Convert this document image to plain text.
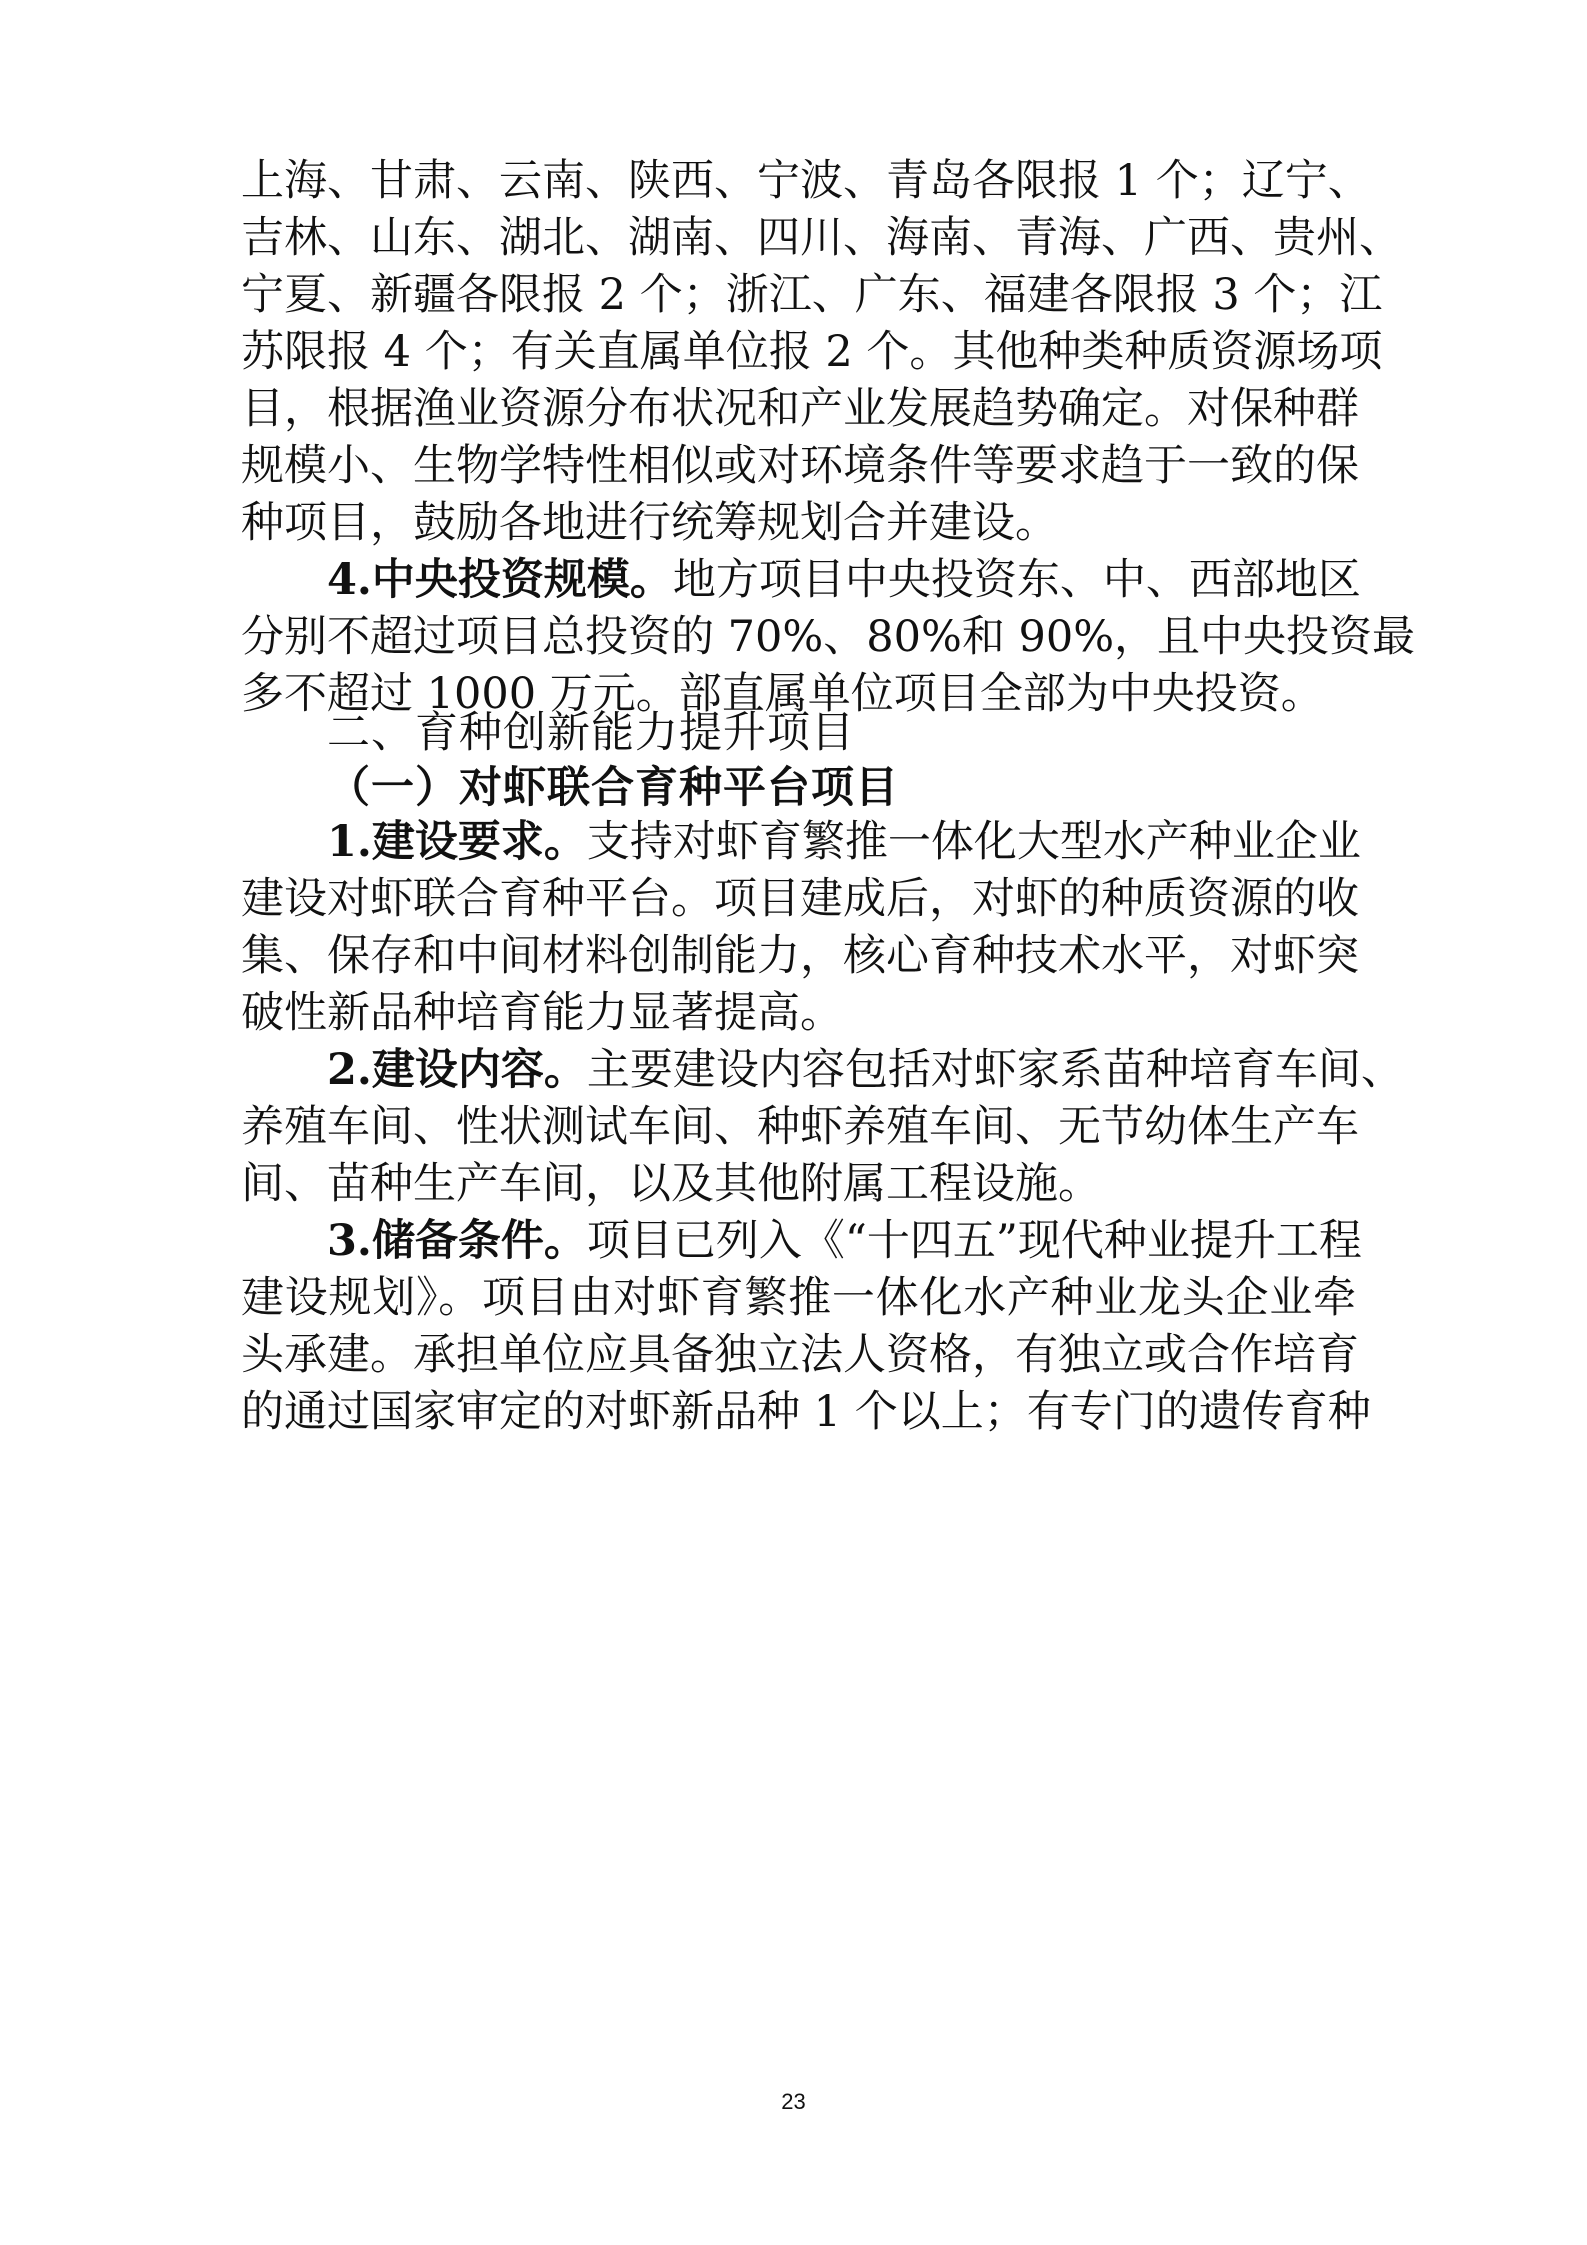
上海、甘肃、云南、陕西、宁波、青岛各限报 1 个；辽宁、
吉林、山东、湖北、湖南、四川、海南、青海、广西、贵州、
宁夏、新疆各限报 2 个；浙江、广东、福建各限报 3 个；江
苏限报 4 个；有关直属单位报 2 个。其他种类种质资源场项
目，根据渔业资源分布状况和产业发展趋势确定。对保种群
规模小、生物学特性相似或对环境条件等要求趋于一致的保
种项目，鼓励各地进行统筹规划合并建设。
4.中央投资规模。地方项目中央投资东、中、西部地区
分别不超过项目总投资的 70%、80%和 90%，且中央投资最
多不超过 1000 万元。部直属单位项目全部为中央投资。
二、育种创新能力提升项目
（一）对虾联合育种平台项目
1.建设要求。支持对虾育繁推一体化大型水产种业企业
建设对虾联合育种平台。项目建成后，对虾的种质资源的收
集、保存和中间材料创制能力，核心育种技术水平，对虾突
破性新品种培育能力显著提高。
2.建设内容。主要建设内容包括对虾家系苗种培育车间、
养殖车间、性状测试车间、种虾养殖车间、无节幼体生产车
间、苗种生产车间，以及其他附属工程设施。
3.储备条件。项目已列入《“十四五”现代种业提升工程
建设规划》。项目由对虾育繁推一体化水产种业龙头企业牵
头承建。承担单位应具备独立法人资格，有独立或合作培育
的通过国家审定的对虾新品种 1 个以上；有专门的遗传育种
23
